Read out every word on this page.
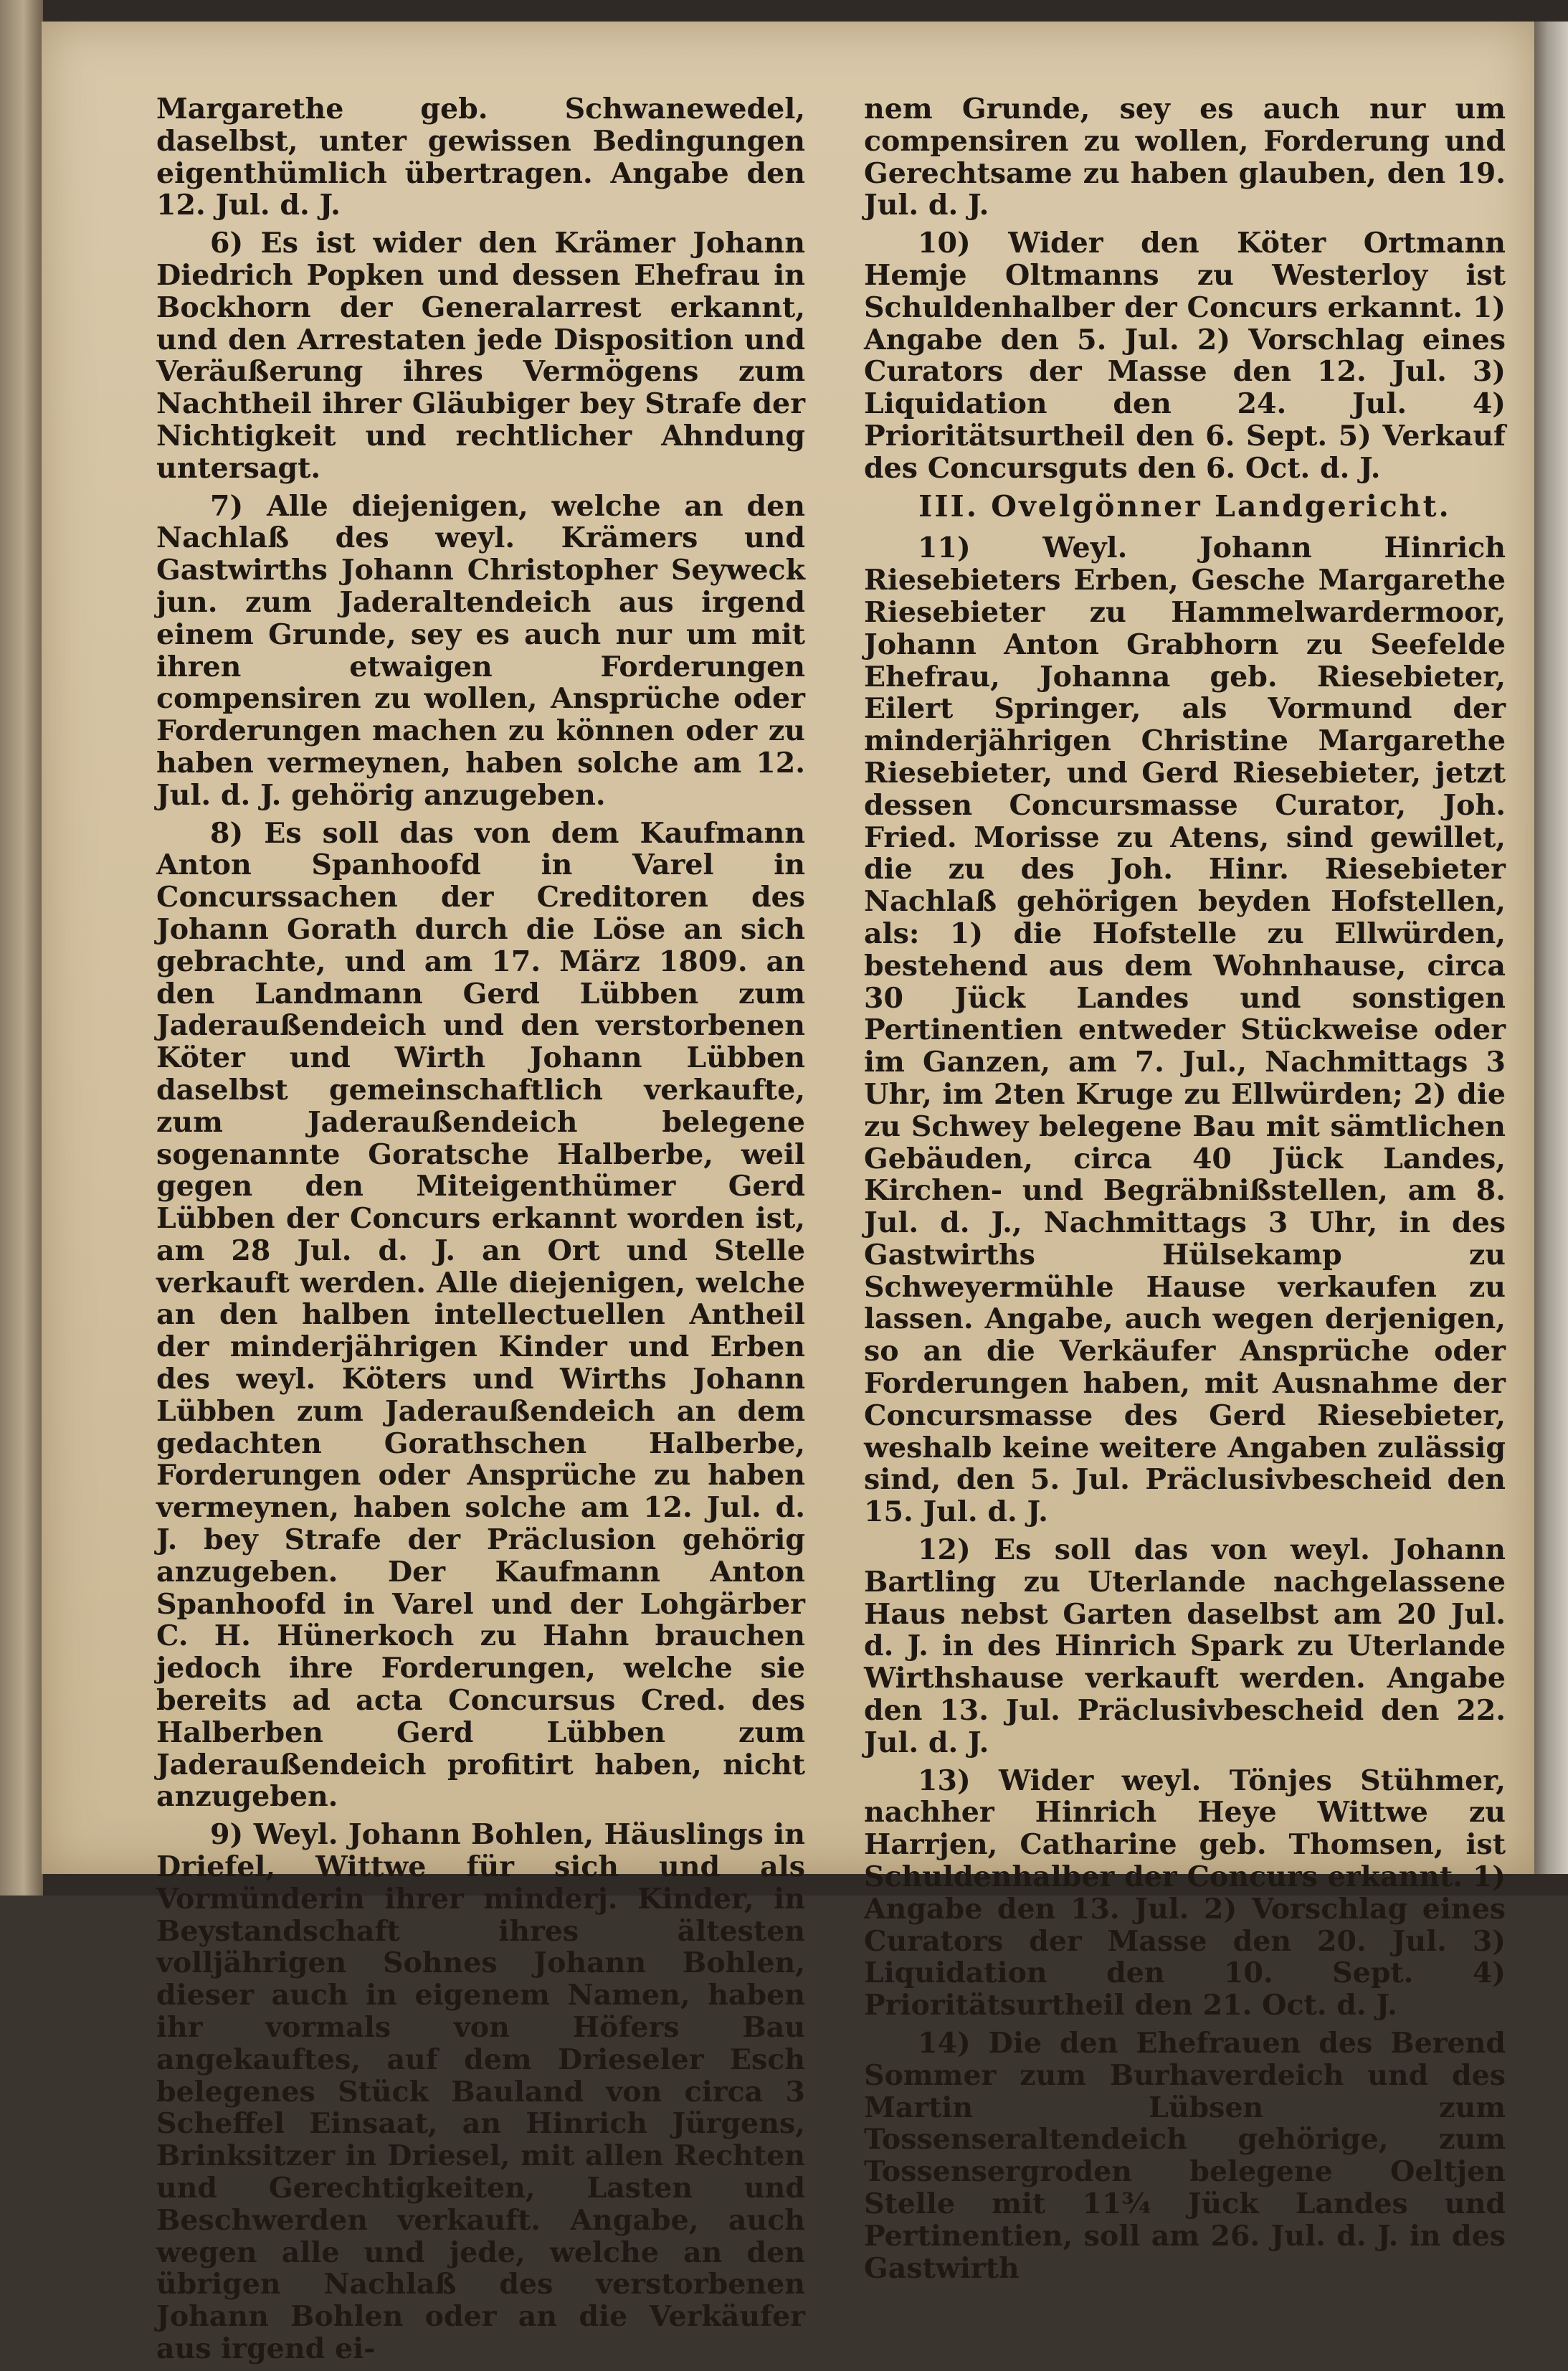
Margarethe geb. Schwanewedel, daselbst, unter gewissen Bedingungen eigenthümlich übertragen. Angabe den 12. Jul. d. J.

6) Es ist wider den Krämer Johann Diedrich Popken und dessen Ehefrau in Bockhorn der Generalarrest erkannt, und den Arrestaten jede Disposition und Veräußerung ihres Vermögens zum Nachtheil ihrer Gläubiger bey Strafe der Nichtigkeit und rechtlicher Ahndung untersagt.

7) Alle diejenigen, welche an den Nachlaß des weyl. Krämers und Gastwirths Johann Christopher Seyweck jun. zum Jaderaltendeich aus irgend einem Grunde, sey es auch nur um mit ihren etwaigen Forderungen compensiren zu wollen, Ansprüche oder Forderungen machen zu können oder zu haben vermeynen, haben solche am 12. Jul. d. J. gehörig anzugeben.

8) Es soll das von dem Kaufmann Anton Spanhoofd in Varel in Concurssachen der Creditoren des Johann Gorath durch die Löse an sich gebrachte, und am 17. März 1809. an den Landmann Gerd Lübben zum Jaderaußendeich und den verstorbenen Köter und Wirth Johann Lübben daselbst gemeinschaftlich verkaufte, zum Jaderaußendeich belegene sogenannte Goratsche Halberbe, weil gegen den Miteigenthümer Gerd Lübben der Concurs erkannt worden ist, am 28 Jul. d. J. an Ort und Stelle verkauft werden. Alle diejenigen, welche an den halben intellectuellen Antheil der minderjährigen Kinder und Erben des weyl. Köters und Wirths Johann Lübben zum Jaderaußendeich an dem gedachten Gorathschen Halberbe, Forderungen oder Ansprüche zu haben vermeynen, haben solche am 12. Jul. d. J. bey Strafe der Präclusion gehörig anzugeben. Der Kaufmann Anton Spanhoofd in Varel und der Lohgärber C. H. Hünerkoch zu Hahn brauchen jedoch ihre Forderungen, welche sie bereits ad acta Concursus Cred. des Halberben Gerd Lübben zum Jaderaußendeich profitirt haben, nicht anzugeben.

9) Weyl. Johann Bohlen, Häuslings in Driefel, Wittwe für sich und als Vormünderin ihrer minderj. Kinder, in Beystandschaft ihres ältesten volljährigen Sohnes Johann Bohlen, dieser auch in eigenem Namen, haben ihr vormals von Höfers Bau angekauftes, auf dem Drieseler Esch belegenes Stück Bauland von circa 3 Scheffel Einsaat, an Hinrich Jürgens, Brinksitzer in Driesel, mit allen Rechten und Gerechtigkeiten, Lasten und Beschwerden verkauft. Angabe, auch wegen alle und jede, welche an den übrigen Nachlaß des verstorbenen Johann Bohlen oder an die Verkäufer aus irgend ei-

nem Grunde, sey es auch nur um compensiren zu wollen, Forderung und Gerechtsame zu haben glauben, den 19. Jul. d. J.

10) Wider den Köter Ortmann Hemje Oltmanns zu Westerloy ist Schuldenhalber der Concurs erkannt. 1) Angabe den 5. Jul. 2) Vorschlag eines Curators der Masse den 12. Jul. 3) Liquidation den 24. Jul. 4) Prioritätsurtheil den 6. Sept. 5) Verkauf des Concursguts den 6. Oct. d. J.

III. Ovelgönner Landgericht.

11) Weyl. Johann Hinrich Riesebieters Erben, Gesche Margarethe Riesebieter zu Hammelwardermoor, Johann Anton Grabhorn zu Seefelde Ehefrau, Johanna geb. Riesebieter, Eilert Springer, als Vormund der minderjährigen Christine Margarethe Riesebieter, und Gerd Riesebieter, jetzt dessen Concursmasse Curator, Joh. Fried. Morisse zu Atens, sind gewillet, die zu des Joh. Hinr. Riesebieter Nachlaß gehörigen beyden Hofstellen, als: 1) die Hofstelle zu Ellwürden, bestehend aus dem Wohnhause, circa 30 Jück Landes und sonstigen Pertinentien entweder Stückweise oder im Ganzen, am 7. Jul., Nachmittags 3 Uhr, im 2ten Kruge zu Ellwürden; 2) die zu Schwey belegene Bau mit sämtlichen Gebäuden, circa 40 Jück Landes, Kirchen- und Begräbnißstellen, am 8. Jul. d. J., Nachmittags 3 Uhr, in des Gastwirths Hülsekamp zu Schweyermühle Hause verkaufen zu lassen. Angabe, auch wegen derjenigen, so an die Verkäufer Ansprüche oder Forderungen haben, mit Ausnahme der Concursmasse des Gerd Riesebieter, weshalb keine weitere Angaben zulässig sind, den 5. Jul. Präclusivbescheid den 15. Jul. d. J.

12) Es soll das von weyl. Johann Bartling zu Uterlande nachgelassene Haus nebst Garten daselbst am 20 Jul. d. J. in des Hinrich Spark zu Uterlande Wirthshause verkauft werden. Angabe den 13. Jul. Präclusivbescheid den 22. Jul. d. J.

13) Wider weyl. Tönjes Stühmer, nachher Hinrich Heye Wittwe zu Harrjen, Catharine geb. Thomsen, ist Schuldenhalber der Concurs erkannt. 1) Angabe den 13. Jul. 2) Vorschlag eines Curators der Masse den 20. Jul. 3) Liquidation den 10. Sept. 4) Prioritätsurtheil den 21. Oct. d. J.

14) Die den Ehefrauen des Berend Sommer zum Burhaverdeich und des Martin Lübsen zum Tossenseraltendeich gehörige, zum Tossensergroden belegene Oeltjen Stelle mit 11¾ Jück Landes und Pertinentien, soll am 26. Jul. d. J. in des Gastwirth
